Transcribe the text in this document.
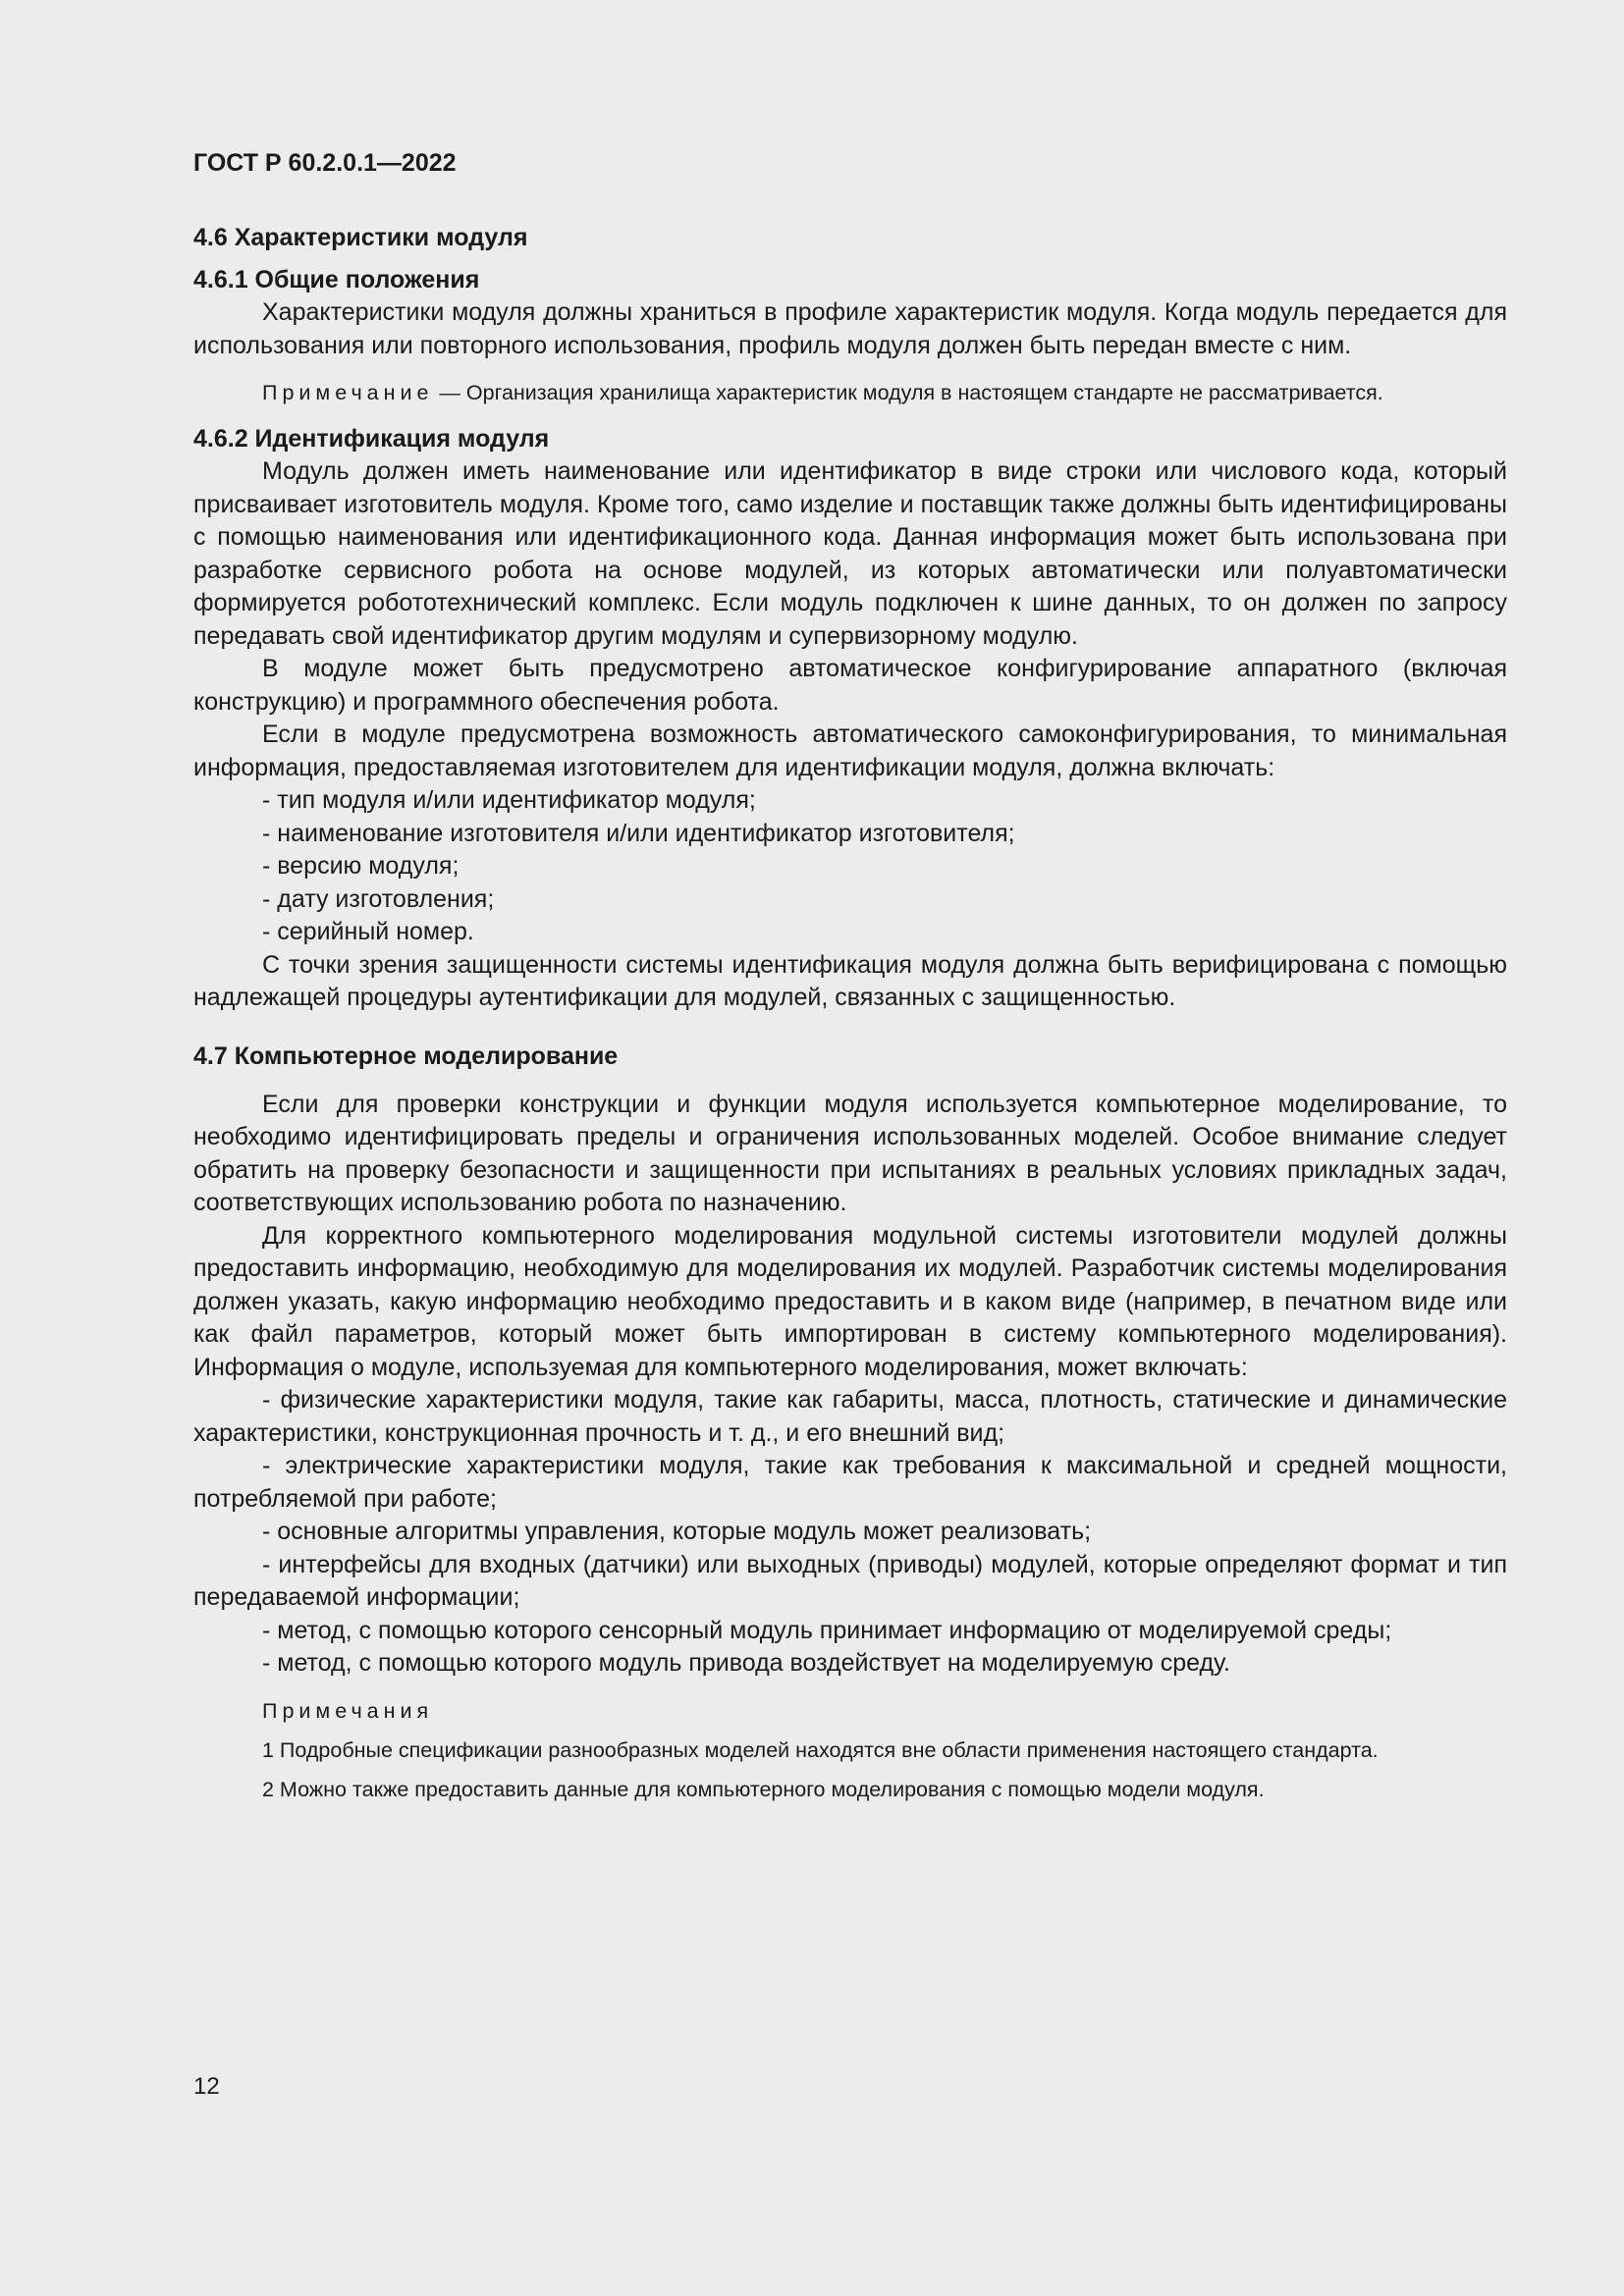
ГОСТ Р 60.2.0.1—2022

4.6 Характеристики модуля

4.6.1 Общие положения

Характеристики модуля должны храниться в профиле характеристик модуля. Когда модуль передается для использования или повторного использования, профиль модуля должен быть передан вместе с ним.

Примечание — Организация хранилища характеристик модуля в настоящем стандарте не рассматривается.

4.6.2 Идентификация модуля

Модуль должен иметь наименование или идентификатор в виде строки или числового кода, который присваивает изготовитель модуля. Кроме того, само изделие и поставщик также должны быть идентифицированы с помощью наименования или идентификационного кода. Данная информация может быть использована при разработке сервисного робота на основе модулей, из которых автоматически или полуавтоматически формируется робототехнический комплекс. Если модуль подключен к шине данных, то он должен по запросу передавать свой идентификатор другим модулям и супервизорному модулю.

В модуле может быть предусмотрено автоматическое конфигурирование аппаратного (включая конструкцию) и программного обеспечения робота.

Если в модуле предусмотрена возможность автоматического самоконфигурирования, то минимальная информация, предоставляемая изготовителем для идентификации модуля, должна включать:

- тип модуля и/или идентификатор модуля;

- наименование изготовителя и/или идентификатор изготовителя;

- версию модуля;

- дату изготовления;

- серийный номер.

С точки зрения защищенности системы идентификация модуля должна быть верифицирована с помощью надлежащей процедуры аутентификации для модулей, связанных с защищенностью.

4.7 Компьютерное моделирование

Если для проверки конструкции и функции модуля используется компьютерное моделирование, то необходимо идентифицировать пределы и ограничения использованных моделей. Особое внимание следует обратить на проверку безопасности и защищенности при испытаниях в реальных условиях прикладных задач, соответствующих использованию робота по назначению.

Для корректного компьютерного моделирования модульной системы изготовители модулей должны предоставить информацию, необходимую для моделирования их модулей. Разработчик системы моделирования должен указать, какую информацию необходимо предоставить и в каком виде (например, в печатном виде или как файл параметров, который может быть импортирован в систему компьютерного моделирования). Информация о модуле, используемая для компьютерного моделирования, может включать:

- физические характеристики модуля, такие как габариты, масса, плотность, статические и динамические характеристики, конструкционная прочность и т. д., и его внешний вид;

- электрические характеристики модуля, такие как требования к максимальной и средней мощности, потребляемой при работе;

- основные алгоритмы управления, которые модуль может реализовать;

- интерфейсы для входных (датчики) или выходных (приводы) модулей, которые определяют формат и тип передаваемой информации;

- метод, с помощью которого сенсорный модуль принимает информацию от моделируемой среды;

- метод, с помощью которого модуль привода воздействует на моделируемую среду.

Примечания

1 Подробные спецификации разнообразных моделей находятся вне области применения настоящего стандарта.

2 Можно также предоставить данные для компьютерного моделирования с помощью модели модуля.

12
